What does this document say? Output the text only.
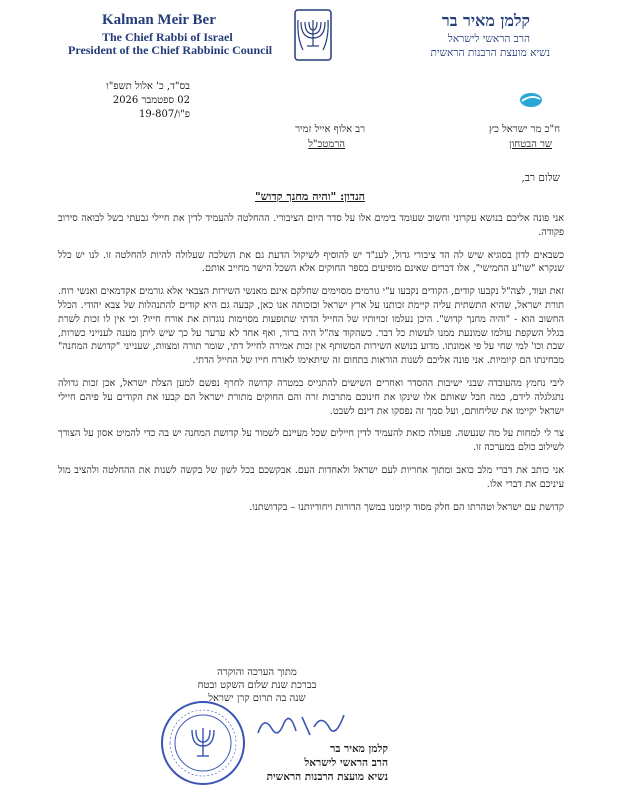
Kalman Meir Ber
The Chief Rabbi of Israel
President of the Chief Rabbinic Council
קלמן מאיר בר
הרב הראשי לישראל
נשיא מועצת הרבנות הראשית
בס"ד, כ' אלול תשפ"ו
02 ספטמבר 2026
פ"ו/19-807
ח"כ מר ישראל כץ
שר הבטחון
רב אלוף אייל זמיר
הרמטכ"ל
שלום רב,
הנדון: "והיה מחנך קדוש"

אני פונה אליכם בנושא עקרוני וחשוב שעומד בימים אלו על סדר היום הציבורי. ההחלטה להעמיד לדין את חיילי גבעתי בשל לבואה סירוב פקודה.

כשבאים לדון בסוגיא שיש לה הד ציבורי גדול, לענ"ד יש להוסיף לשיקול הדעת גם את השלכה שעלולה להיות להחלטה זו. לנו יש כלל שנקרא "שו"ע החמישי", אלו דברים שאינם מופיעים בספר החוקים אלא השכל הישר מחייב אותם.

זאת ועוד, לצה"ל נקבעו קודים, הקודים נקבעו ע"י גורמים מסוימים שחלקם אינם מאנשי השירות הצבאי אלא גורמים אקדמאים ואנשי רוח. תורת ישראל, שהיא התשתית עליה קיימת זכותנו על ארץ ישראל ובזכותה אנו כאן, קבעה גם היא קודים להתנהלות של צבא יהודי. הכלל החשוב הוא - "והיה מחנך קדוש". היכן נעלמו זכויותיו של החייל הדתי שתופעות מסוימות נוגדות את אורח חייו? וכי אין לו זכות לשרת בגלל השקפת עולמו שמונעת ממנו לעשות כל דבר. כשהקוד צה"ל היה ברור, ואף אחד לא ערער על כך שיש ליתן מענה לענייני כשרות, שבת וכו' למי שחי על פי אמונתו. מדוע בנושא השירות המשותף אין זכות אמירה לחייל דתי, שומר תורה ומצוות, שענייני "קדושת המחנה" מבחינתו הם קיומיות. אני פונה אליכם לשנות הוראות בתחום זה שיתאימו לאורח חייו של החייל הדתי.

ליבי נחמץ מהעובדה שבני ישיבות ההסדר ואחרים השישים להתגייס במטרה קדושה לחרף נפשם למען הצלת ישראל, אכן זכות גדולה נתגלגלה לידם, כמה חבל שאותם אלו שינקו את חינוכם מתרבות זרה והם החוקים מתורת ישראל הם קבעו את הקודים על פיהם חיילי ישראל יקיימו את שליחותם, ועל סמך זה נפסקו את דינם לשבט.

צר לי למחות על מה שנעשה. פעולה כזאת להעמיד לדין חיילים שכל מעיינם לשמור על קדושת המחנה יש בה כדי להמיט אסון על הצורך לשילוב כולם במערכה זו.

אני כותב את דברי מלב כואב ומתוך אחריות לעם ישראל ולאחדות העם. אבקשכם בכל לשון של בקשה לשנות את ההחלטה ולהציב מול עיניכם את דברי אלו.

קדושת עם ישראל וטהרתו הם חלק מסוד קיומנו במשך הדורות ויחודיותנו – בקדושתנו.

מתוך הערכה והוקרה
בברכת שנת שלום השקט ובטח
שנה בה תרום קרן ישראל
קלמן מאיר בר
הרב הראשי לישראל
נשיא מועצת הרבנות הראשית
